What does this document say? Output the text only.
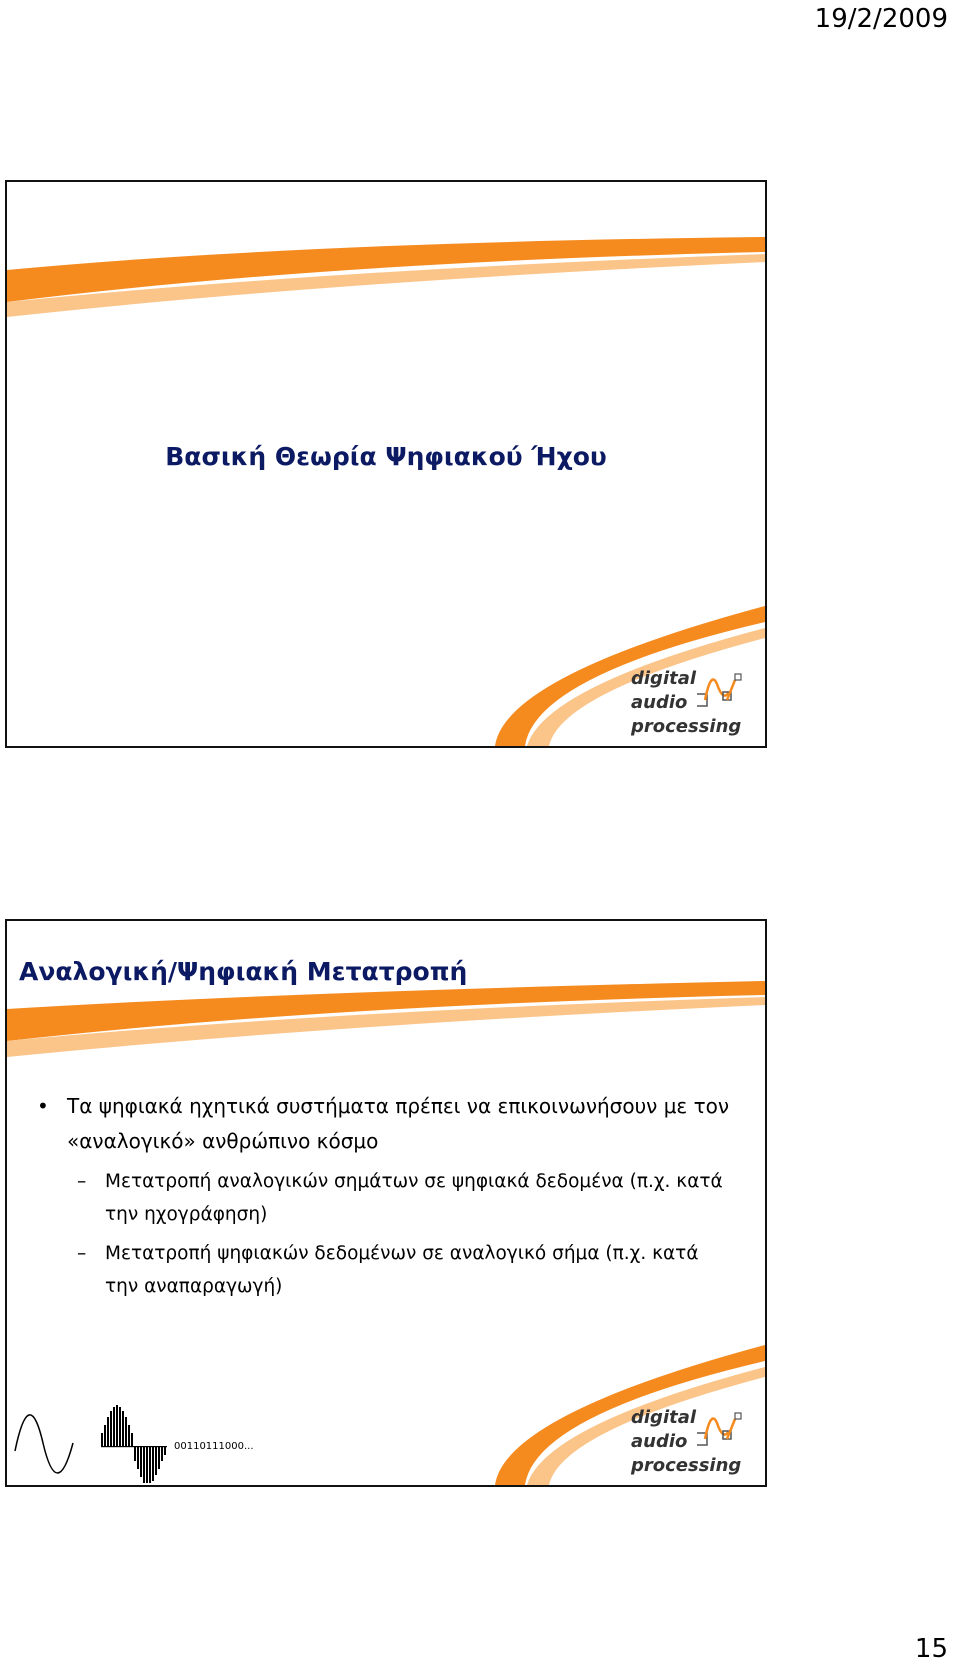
19/2/2009
Βασική Θεωρία Ψηφιακού Ήχου
digital
audio
processing
Αναλογική/Ψηφιακή Μετατροπή
• Τα ψηφιακά ηχητικά συστήματα πρέπει να επικοινωνήσουν με τον «αναλογικό» ανθρώπινο κόσμο
– Μετατροπή αναλογικών σημάτων σε ψηφιακά δεδομένα (π.χ. κατά την ηχογράφηση)
– Μετατροπή ψηφιακών δεδομένων σε αναλογικό σήμα (π.χ. κατά την αναπαραγωγή)
00110111000...
digital
audio
processing
15
